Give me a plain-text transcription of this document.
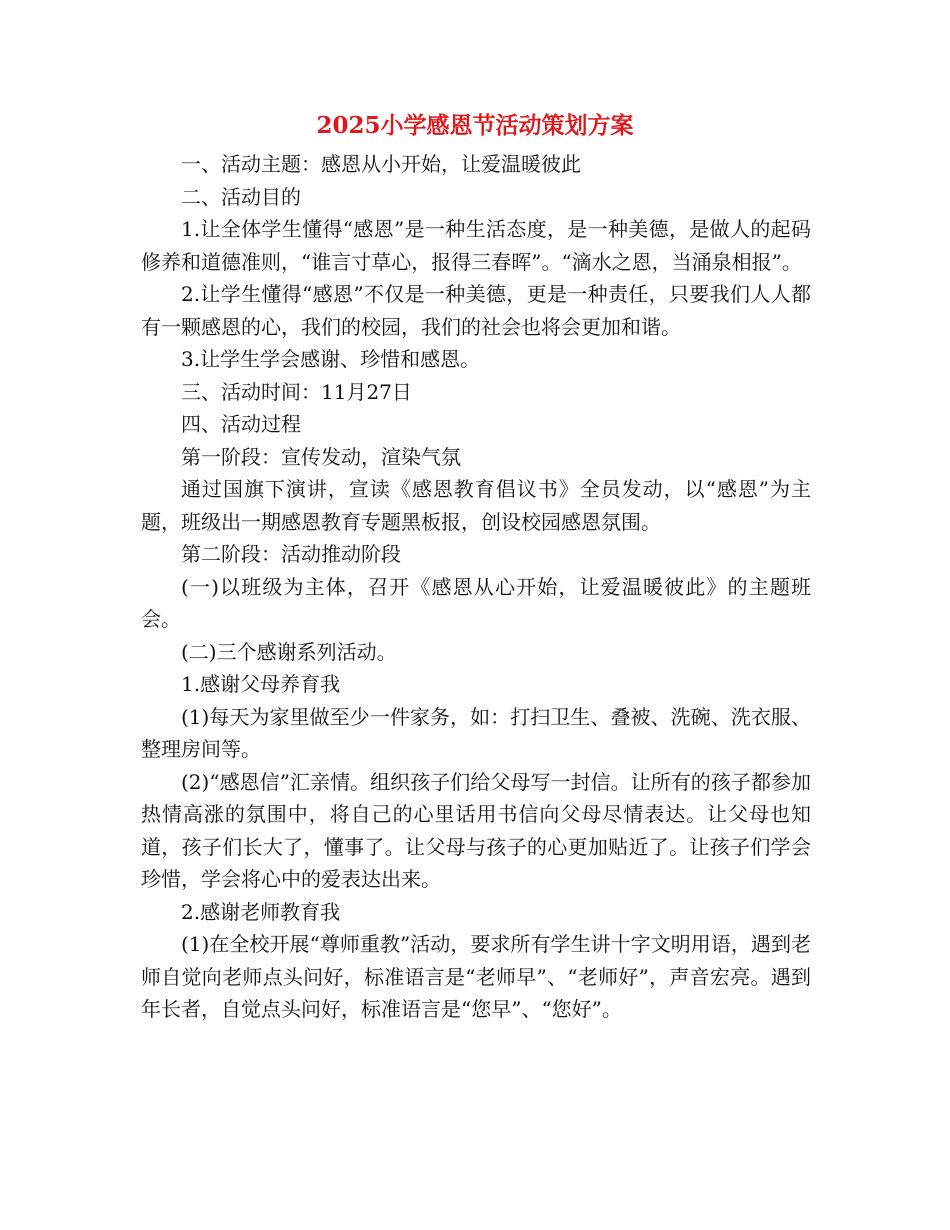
2025小学感恩节活动策划方案

一、活动主题：感恩从小开始，让爱温暖彼此

二、活动目的

1.让全体学生懂得“感恩”是一种生活态度，是一种美德，是做人的起码修养和道德准则，“谁言寸草心，报得三春晖”。“滴水之恩，当涌泉相报”。

2.让学生懂得“感恩”不仅是一种美德，更是一种责任，只要我们人人都有一颗感恩的心，我们的校园，我们的社会也将会更加和谐。

3.让学生学会感谢、珍惜和感恩。

三、活动时间：11月27日

四、活动过程

第一阶段：宣传发动，渲染气氛

通过国旗下演讲，宣读《感恩教育倡议书》全员发动，以“感恩”为主题，班级出一期感恩教育专题黑板报，创设校园感恩氛围。

第二阶段：活动推动阶段

(一)以班级为主体，召开《感恩从心开始，让爱温暖彼此》的主题班会。

(二)三个感谢系列活动。

1.感谢父母养育我

(1)每天为家里做至少一件家务，如：打扫卫生、叠被、洗碗、洗衣服、整理房间等。

(2)“感恩信”汇亲情。组织孩子们给父母写一封信。让所有的孩子都参加热情高涨的氛围中，将自己的心里话用书信向父母尽情表达。让父母也知道，孩子们长大了，懂事了。让父母与孩子的心更加贴近了。让孩子们学会珍惜，学会将心中的爱表达出来。

2.感谢老师教育我

(1)在全校开展“尊师重教”活动，要求所有学生讲十字文明用语，遇到老师自觉向老师点头问好，标准语言是“老师早”、“老师好”，声音宏亮。遇到年长者，自觉点头问好，标准语言是“您早”、“您好”。
